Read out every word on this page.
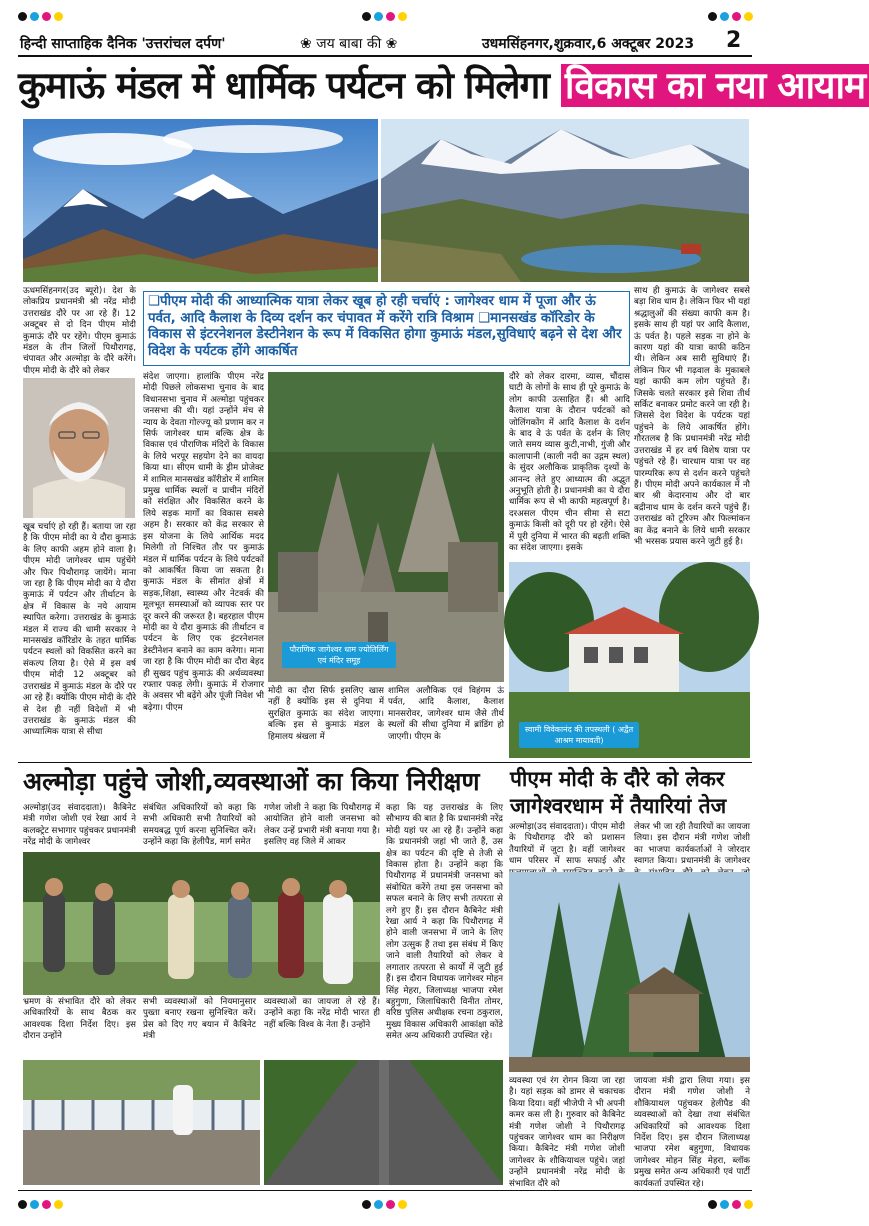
हिन्दी साप्ताहिक दैनिक 'उत्तरांचल दर्पण'	❀ जय बाबा की ❀	उधमसिंहनगर,शुक्रवार,6 अक्टूबर 2023 2
कुमाऊं मंडल में धार्मिक पर्यटन को मिलेगा विकास का नया आयाम
ऊधमसिंहनगर(उद ब्यूरो)। देश के लोकप्रिय प्रधानमंत्री श्री नरेंद्र मोदी उत्तराखंड दौरे पर आ रहे हैं। 12 अक्टूबर से दो दिन पीएम मोदी कुमाऊं दौरे पर रहेंगे। पीएम कुमाऊं मंडल के तीन जिलों पिथौरागढ़, चंपावत और अल्मोड़ा के दौरे करेंगे। पीएम मोदी के दौरे को लेकर
खूब चर्चाएं हो रही हैं। बताया जा रहा है कि पीएम मोदी का ये दौरा कुमाऊं के लिए काफी अहम होने वाला है। पीएम मोदी जागेश्वर धाम पहुंचेंगे और फिर पिथौरागढ़ जायेंगे। माना जा रहा है कि पीएम मोदी का ये दौरा कुमाऊं में पर्यटन और तीर्थाटन के क्षेत्र में विकास के नये आयाम स्थापित करेगा। उत्तराखंड के कुमाऊं मंडल में राज्य की धामी सरकार ने मानसखंड कॉरिडोर के तहत धार्मिक पर्यटन स्थलों को विकसित करने का संकल्प लिया है। ऐसे में इस वर्ष पीएम मोदी 12 अक्टूबर को उत्तराखंड में कुमाऊं मंडल के दौरे पर आ रहे हैं। क्योंकि पीएम मोदी के दौरे से देश ही नहीं विदेशों में भी उत्तराखंड के कुमाऊं मंडल की आध्यात्मिक यात्रा से सीधा
❑पीएम मोदी की आध्यात्मिक यात्रा लेकर खूब हो रही चर्चाएं : जागेश्वर धाम में पूजा और ऊं पर्वत, आदि कैलाश के दिव्य दर्शन कर चंपावत में करेंगे रात्रि विश्राम ❑मानसखंड कॉरिडोर के विकास से इंटरनेशनल डेस्टीनेशन के रूप में विकसित होगा कुमाऊं मंडल,सुविधाएं बढ़ने से देश और विदेश के पर्यटक होंगे आकर्षित
संदेश जाएगा। हालांकि पीएम नरेंद्र मोदी पिछले लोकसभा चुनाव के बाद विधानसभा चुनाव में अल्मोड़ा पहुंचकर जनसभा की थी। यहां उन्होंने मंच से न्याय के देवता गोल्ज्यू को प्रणाम कर न सिर्फ जागेश्वर धाम बल्कि क्षेत्र के विकास एवं पौराणिक मंदिरों के विकास के लिये भरपूर सहयोग देने का वायदा किया था। सीएम धामी के ड्रीम प्रोजेक्ट में शामिल मानसखंड कॉरीडोर में शामिल प्रमुख धार्मिक स्थलों व प्राचीन मंदिरों को संरक्षित और विकसित करने के लिये सड़क मार्गों का विकास सबसे अहम है। सरकार को केंद्र सरकार से इस योजना के लिये आर्थिक मदद मिलेगी तो निश्चित तौर पर कुमाऊं मंडल में धार्मिक पर्यटन के लिये पर्यटकों को आकर्षित किया जा सकता है। कुमाऊं मंडल के सीमांत क्षेत्रों में सड़क,शिक्षा, स्वास्थ्य और नेटवर्क की मूलभूत समस्याओं को व्यापक स्तर पर दूर करने की जरूरत है। बहरहाल पीएम मोदी का ये दौरा कुमाऊं की तीर्थाटन व पर्यटन के लिए एक इंटरनेशनल डेस्टीनेशन बनाने का काम करेगा। माना जा रहा है कि पीएम मोदी का दौरा बेहद ही सुखद पहुंच कुमाऊं की अर्थव्यवस्था रफ्तार पकड़ लेगी। कुमाऊं में रोजगार के अवसर भी बढ़ेंगे और पूंजी निवेश भी बढ़ेगा। पीएम
पौराणिक जागेश्वर धाम ज्योतिर्लिंग एवं मंदिर समूह
मोदी का दौरा सिर्फ इसलिए खास नहीं है क्योंकि इस से दुनिया में सुरक्षित कुमाऊं का संदेश जाएगा। बल्कि इस से कुमाऊं मंडल के हिमालय श्रंखला में
शामिल अलौकिक एवं विहंगम ऊं पर्वत, आदि कैलाश, कैलाश मानसरोवर, जागेश्वर धाम जैसे तीर्थ स्थलों की सीधा दुनिया में ब्रांडिंग हो जाएगी। पीएम के
दौरे को लेकर दारमा, व्यास, चौंदास घाटी के लोगों के साथ ही पूरे कुमाऊं के लोग काफी उत्साहित हैं। श्री आदि कैलाश यात्रा के दौरान पर्यटकों को जोलिंगकोंग में आदि कैलाश के दर्शन के बाद वे ऊं पर्वत के दर्शन के लिए जाते समय व्यास कुटी,नाभी, गुंजी और कालापानी (काली नदी का उद्गम स्थल) के सुंदर अलौकिक प्राकृतिक दृश्यों के आनन्द लेते हुए आध्यात्म की अद्भुत अनुभूति होती है। प्रधानमंत्री का ये दौरा धार्मिक रूप से भी काफी महत्वपूर्ण है। दरअसल पीएम चीन सीमा से सटा कुमाऊं किसी को दूरी पर हो रहेंगे। ऐसे में पूरी दुनिया में भारत की बढ़ती शक्ति का संदेश जाएगा। इसके
साथ ही कुमाऊं के जागेश्वर सबसे बड़ा शिव धाम है। लेकिन फिर भी यहां श्रद्धालुओं की संख्या काफी कम है। इसके साथ ही यहां पर आदि कैलाश, ऊं पर्वत है। पहले सड़क ना होने के कारण यहां की यात्रा काफी कठिन थी। लेकिन अब सारी सुविधाएं हैं। लेकिन फिर भी गढ़वाल के मुकाबले यहां काफी कम लोग पहुंचते हैं। जिसके चलते सरकार इसे शिवा तीर्थ सर्किट बनाकर प्रमोट करने जा रही है। जिससे देश विदेश के पर्यटक यहां पहुंचने के लिये आकर्षित होंगे। गौरतलब है कि प्रधानमंत्री नरेंद्र मोदी उत्तराखंड में हर वर्ष विशेष यात्रा पर पहुंचते रहे हैं। चारधाम यात्रा पर वह पारम्परिक रूप से दर्शन करने पहुंचते हैं। पीएम मोदी अपने कार्यकाल में नौ बार श्री केदारनाथ और दो बार बद्रीनाथ धाम के दर्शन करने पहुंचे हैं। उत्तराखंड को टूरिज्म और फिल्मांकन का केंद्र बनाने के लिये धामी सरकार भी भरसक प्रयास करने जुटी हुई है।
स्वामी विवेकानंद की तपस्थली ( अद्वैत आश्रम मायावती)
अल्मोड़ा पहुंचे जोशी,व्यवस्थाओं का किया निरीक्षण
अल्मोड़ा(उद संवाददाता)। कैबिनेट मंत्री गणेश जोशी एवं रेखा आर्य ने कलक्ट्रेट सभागार पहुंचकर प्रधानमंत्री नरेंद्र मोदी के जागेश्वर
संबंधित अधिकारियों को कहा कि सभी अधिकारी सभी तैयारियों को समयबद्ध पूर्ण करना सुनिश्चित करें। उन्होंने कहा कि हेलीपैड, मार्ग समेत
गणेश जोशी ने कहा कि पिथौरागढ़ में आयोजित होने वाली जनसभा को लेकर उन्हें प्रभारी मंत्री बनाया गया है। इसलिए वह जिले में आकर
कहा कि यह उत्तराखंड के लिए सौभाग्य की बात है कि प्रधानमंत्री नरेंद्र मोदी यहां पर आ रहे हैं। उन्होंने कहा कि प्रधानमंत्री जहां भी जाते हैं, उस क्षेत्र का पर्यटन की दृष्टि से तेजी से विकास होता है। उन्होंने कहा कि पिथौरागढ़ में प्रधानमंत्री जनसभा को संबोधित करेंगे तथा इस जनसभा को सफल बनाने के लिए सभी तत्परता से लगे हुए हैं। इस दौरान कैबिनेट मंत्री रेखा आर्य ने कहा कि पिथौरागढ़ में होने वाली जनसभा में जाने के लिए लोग उत्सुक हैं तथा इस संबंध में किए जाने वाली तैयारियों को लेकर वे लगातार तत्परता से कार्यों में जुटी हुई हैं। इस दौरान विधायक जागेश्वर मोहन सिंह मेहरा, जिलाध्यक्ष भाजपा रमेश बहुगुणा, जिलाधिकारी विनीत तोमर, वरिष्ठ पुलिस अधीक्षक रचना ठकुराल, मुख्य विकास अधिकारी आकांक्षा कोंडे समेत अन्य अधिकारी उपस्थित रहे।
भ्रमण के संभावित दौरे को लेकर अधिकारियों के साथ बैठक कर आवश्यक दिशा निर्देश दिए। इस दौरान उन्होंने
सभी व्यवस्थाओं को नियमानुसार पुख्ता बनाए रखना सुनिश्चित करें। प्रेस को दिए गए बयान में कैबिनेट मंत्री
व्यवस्थाओं का जायजा ले रहे हैं। उन्होंने कहा कि नरेंद्र मोदी भारत ही नहीं बल्कि विश्व के नेता हैं। उन्होंने
पीएम मोदी के दौरे को लेकर
जागेश्वरधाम में तैयारियां तेज
अल्मोड़ा(उद संवाददाता)। पीएम मोदी के पिथौरागढ़ दौरे को प्रशासन तैयारियों में जुटा है। वहीं जागेश्वर धाम परिसर में साफ सफाई और
लेकर भी जा रही तैयारियों का जायजा लिया। इस दौरान मंत्री गणेश जोशी का भाजपा कार्यकर्ताओं ने जोरदार स्वागत किया। प्रधानमंत्री के जागेश्वर
व्यवस्था एवं रंग रोगन किया जा रहा है। यहां सड़क को डामर से चकाचक किया दिया। वहीं भीजेपी ने भी अपनी कमर कस ली है। गुरुवार को कैबिनेट मंत्री गणेश जोशी ने पिथौरागढ़ पहुंचकर जागेश्वर धाम का निरीक्षण किया। कैबिनेट मंत्री गणेश जोशी जागेश्वर के शौकियाथल पहुंचे। जहां उन्होंने प्रधानमंत्री नरेंद्र मोदी के संभावित दौरे को
जायजा मंत्री द्वारा लिया गया। इस दौरान मंत्री गणेश जोशी ने शौकियाथल पहुंचकर हेलीपैड की व्यवस्थाओं को देखा तथा संबंधित अधिकारियों को आवश्यक दिशा निर्देश दिए। इस दौरान जिलाध्यक्ष भाजपा रमेश बहुगुणा, विधायक जागेश्वर मोहन सिंह मेहरा, ब्लॉक प्रमुख समेत अन्य अधिकारी एवं पार्टी कार्यकर्ता उपस्थित रहे।
